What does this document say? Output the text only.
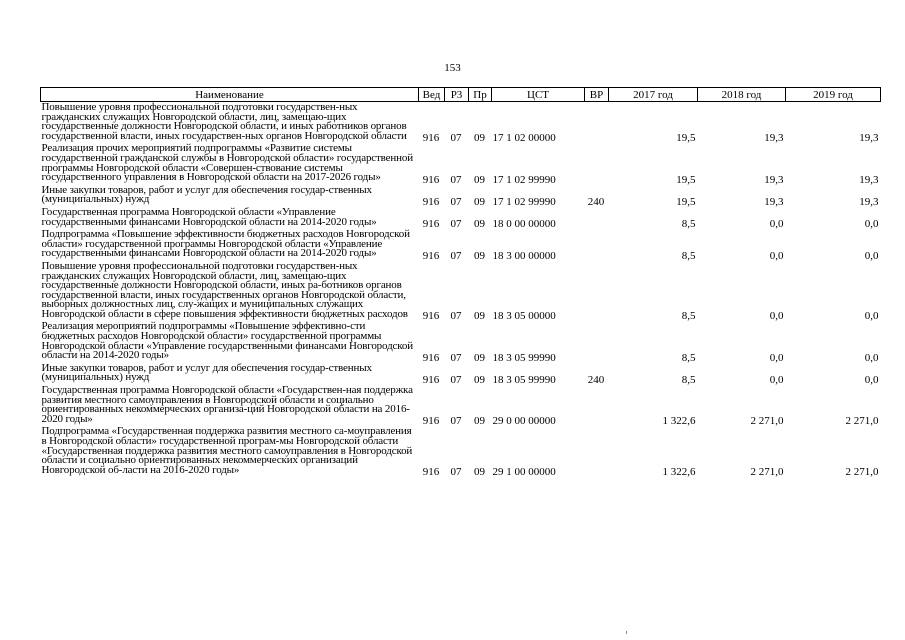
153
Наименование	Вед	Р3	Пр	ЦСТ	ВР	2017 год	2018 год	2019 год
Повышение уровня профессиональной подготовки государствен-ных гражданских служащих Новгородской области, лиц, замещаю-щих государственные должности Новгородской области, и иных работников органов государственной власти, иных государствен-ных органов Новгородской области	916	07	09	17 1 02 00000		19,5	19,3	19,3
Реализация прочих мероприятий подпрограммы «Развитие системы государственной гражданской службы в Новгородской области» государственной программы Новгородской области «Совершен-ствование системы государственного управления в Новгородской области на 2017-2026 годы»	916	07	09	17 1 02 99990		19,5	19,3	19,3
Иные закупки товаров, работ и услуг для обеспечения государ-ственных (муниципальных) нужд	916	07	09	17 1 02 99990	240	19,5	19,3	19,3
Государственная программа Новгородской области «Управление государственными финансами Новгородской области на 2014-2020 годы»	916	07	09	18 0 00 00000		8,5	0,0	0,0
Подпрограмма «Повышение эффективности бюджетных расходов Новгородской области» государственной программы Новгородской области «Управление государственными финансами Новгородской области на 2014-2020 годы»	916	07	09	18 3 00 00000		8,5	0,0	0,0
Повышение уровня профессиональной подготовки государствен-ных гражданских служащих Новгородской области, лиц, замещаю-щих государственные должности Новгородской области, иных ра-ботников органов государственной власти, иных государственных органов Новгородской области, выборных должностных лиц, слу-жащих и муниципальных служащих Новгородской области в сфере повышения эффективности бюджетных расходов	916	07	09	18 3 05 00000		8,5	0,0	0,0
Реализация мероприятий подпрограммы «Повышение эффективно-сти бюджетных расходов Новгородской области» государственной программы Новгородской области «Управление государственными финансами Новгородской области на 2014-2020 годы»	916	07	09	18 3 05 99990		8,5	0,0	0,0
Иные закупки товаров, работ и услуг для обеспечения государ-ственных (муниципальных) нужд	916	07	09	18 3 05 99990	240	8,5	0,0	0,0
Государственная программа Новгородской области «Государствен-ная поддержка развития местного самоуправления в Новгородской области и социально ориентированных некоммерческих организа-ций Новгородской области на 2016-2020 годы»	916	07	09	29 0 00 00000		1 322,6	2 271,0	2 271,0
Подпрограмма «Государственная поддержка развития местного са-моуправления в Новгородской области» государственной програм-мы Новгородской области «Государственная поддержка развития местного самоуправления в Новгородской области и социально ориентированных некоммерческих организаций Новгородской об-ласти на 2016-2020 годы»	916	07	09	29 1 00 00000		1 322,6	2 271,0	2 271,0
